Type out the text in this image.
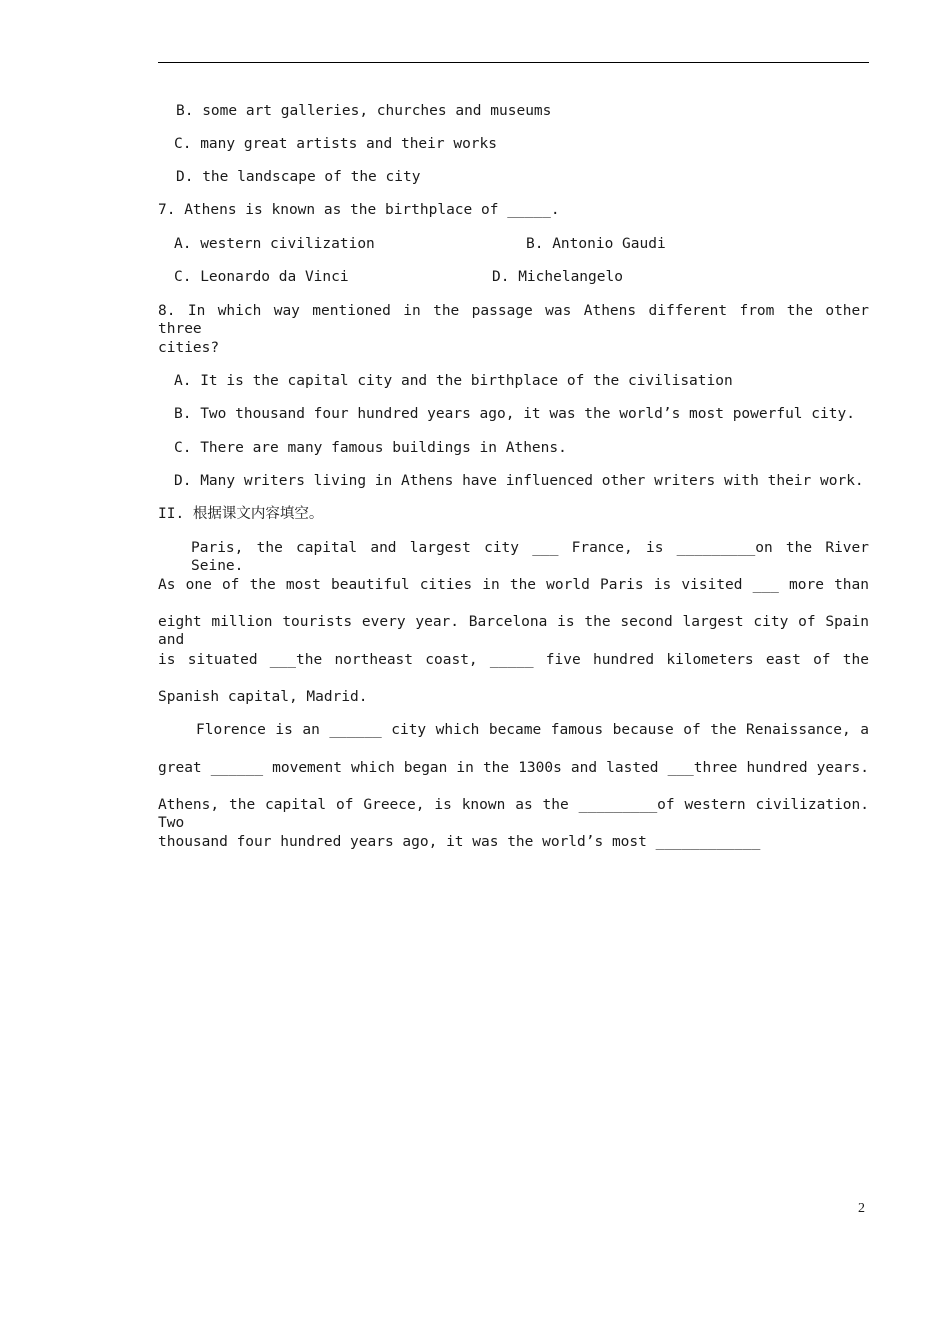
B. some art galleries, churches and museums
C. many great artists and their works
D. the landscape of the city
7. Athens is known as the birthplace of _____.
A. western civilization	B. Antonio Gaudi
C. Leonardo da Vinci	D. Michelangelo
8. In which way mentioned in the passage was Athens different from the other three
cities?
A. It is the capital city and the birthplace of the civilisation
B. Two thousand four hundred years ago, it was the world’s most powerful city.
C. There are many famous buildings in Athens.
D. Many writers living in Athens have influenced other writers with their work.
II. 根据课文内容填空。
Paris, the capital and largest city ___ France, is _________on the River Seine.
As one of the most beautiful cities in the world Paris is visited ___ more than
eight million tourists every year. Barcelona is the second largest city of Spain and
is situated ___the northeast coast, _____ five hundred kilometers east of the
Spanish capital, Madrid.
Florence is an ______ city which became famous because of the Renaissance, a
great ______ movement which began in the 1300s and lasted ___three hundred years.
Athens, the capital of Greece, is known as the _________of western civilization. Two
thousand four hundred years ago, it was the world’s most ____________
2
